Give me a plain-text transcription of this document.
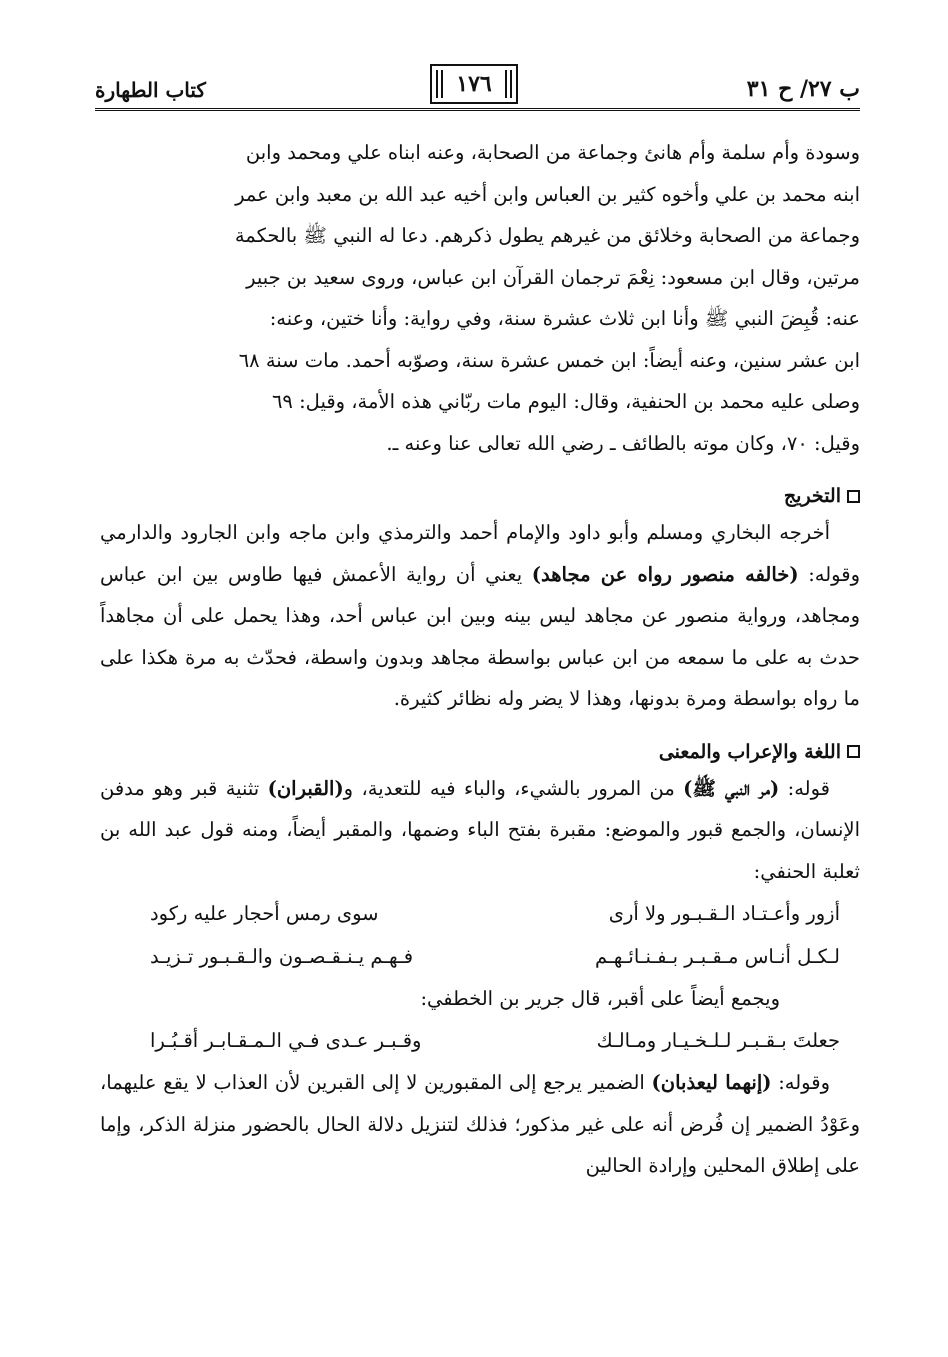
ب ٢٧/ ح ٣١
١٧٦
كتاب الطهارة

وسودة وأم سلمة وأم هانئ وجماعة من الصحابة، وعنه ابناه علي ومحمد وابن

ابنه محمد بن علي وأخوه كثير بن العباس وابن أخيه عبد الله بن معبد وابن عمر

وجماعة من الصحابة وخلائق من غيرهم يطول ذكرهم. دعا له النبي ﷺ بالحكمة

مرتين، وقال ابن مسعود: نِعْمَ ترجمان القرآن ابن عباس، وروى سعيد بن جبير

عنه: قُبِضَ النبي ﷺ وأنا ابن ثلاث عشرة سنة، وفي رواية: وأنا ختين، وعنه:

ابن عشر سنين، وعنه أيضاً: ابن خمس عشرة سنة، وصوّبه أحمد. مات سنة ٦٨

وصلى عليه محمد بن الحنفية، وقال: اليوم مات ربّاني هذه الأمة، وقيل: ٦٩

وقيل: ٧٠، وكان موته بالطائف ـ رضي الله تعالى عنا وعنه ـ.

التخريج

أخرجه البخاري ومسلم وأبو داود والإمام أحمد والترمذي وابن ماجه وابن الجارود والدارمي وقوله: (خالفه منصور رواه عن مجاهد) يعني أن رواية الأعمش فيها طاوس بين ابن عباس ومجاهد، ورواية منصور عن مجاهد ليس بينه وبين ابن عباس أحد، وهذا يحمل على أن مجاهداً حدث به على ما سمعه من ابن عباس بواسطة مجاهد وبدون واسطة، فحدّث به مرة هكذا على ما رواه بواسطة ومرة بدونها، وهذا لا يضر وله نظائر كثيرة.

اللغة والإعراب والمعنى

قوله: (مر النبي ﷺ) من المرور بالشيء، والباء فيه للتعدية، و(القبران) تثنية قبر وهو مدفن الإنسان، والجمع قبور والموضع: مقبرة بفتح الباء وضمها، والمقبر أيضاً، ومنه قول عبد الله بن ثعلبة الحنفي:

أزور وأعـتـاد الـقـبـور ولا أرى
سوى رمس أحجار عليه ركود
لـكـل أنـاس مـقـبـر بـفـنـائـهـم
فـهـم يـنـقـصـون والـقـبـور تـزيـد

ويجمع أيضاً على أقبر، قال جرير بن الخطفي:

جعلتَ بـقـبـر لـلـخـيـار ومـالـك
وقـبـر عـدى فـي الـمـقـابـر أقـبُـرا

وقوله: (إنهما ليعذبان) الضمير يرجع إلى المقبورين لا إلى القبرين لأن العذاب لا يقع عليهما، وعَوْدُ الضمير إن فُرض أنه على غير مذكور؛ فذلك لتنزيل دلالة الحال بالحضور منزلة الذكر، وإما على إطلاق المحلين وإرادة الحالين
